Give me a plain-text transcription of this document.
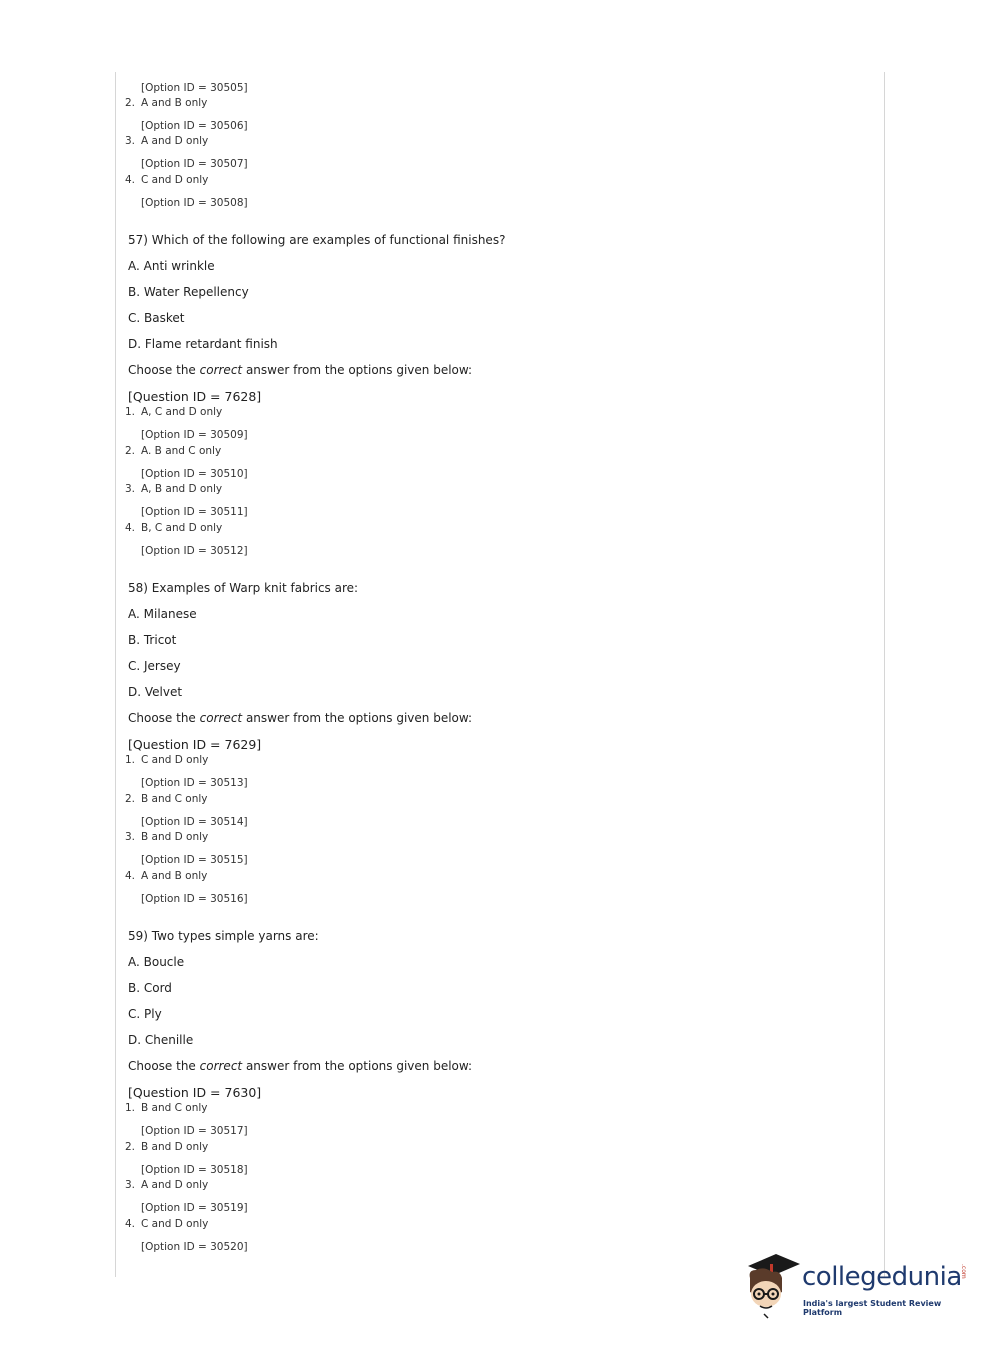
[Option ID = 30505]
2. A and B only
[Option ID = 30506]
3. A and D only
[Option ID = 30507]
4. C and D only
[Option ID = 30508]
57) Which of the following are examples of functional finishes?
A. Anti wrinkle
B. Water Repellency
C. Basket
D. Flame retardant finish
Choose the correct answer from the options given below:
[Question ID = 7628]
1. A, C and D only
[Option ID = 30509]
2. A. B and C only
[Option ID = 30510]
3. A, B and D only
[Option ID = 30511]
4. B, C and D only
[Option ID = 30512]
58) Examples of Warp knit fabrics are:
A. Milanese
B. Tricot
C. Jersey
D. Velvet
Choose the correct answer from the options given below:
[Question ID = 7629]
1. C and D only
[Option ID = 30513]
2. B and C only
[Option ID = 30514]
3. B and D only
[Option ID = 30515]
4. A and B only
[Option ID = 30516]
59) Two types simple yarns are:
A. Boucle
B. Cord
C. Ply
D. Chenille
Choose the correct answer from the options given below:
[Question ID = 7630]
1. B and C only
[Option ID = 30517]
2. B and D only
[Option ID = 30518]
3. A and D only
[Option ID = 30519]
4. C and D only
[Option ID = 30520]
collegedunia
.com
India's largest Student Review Platform
